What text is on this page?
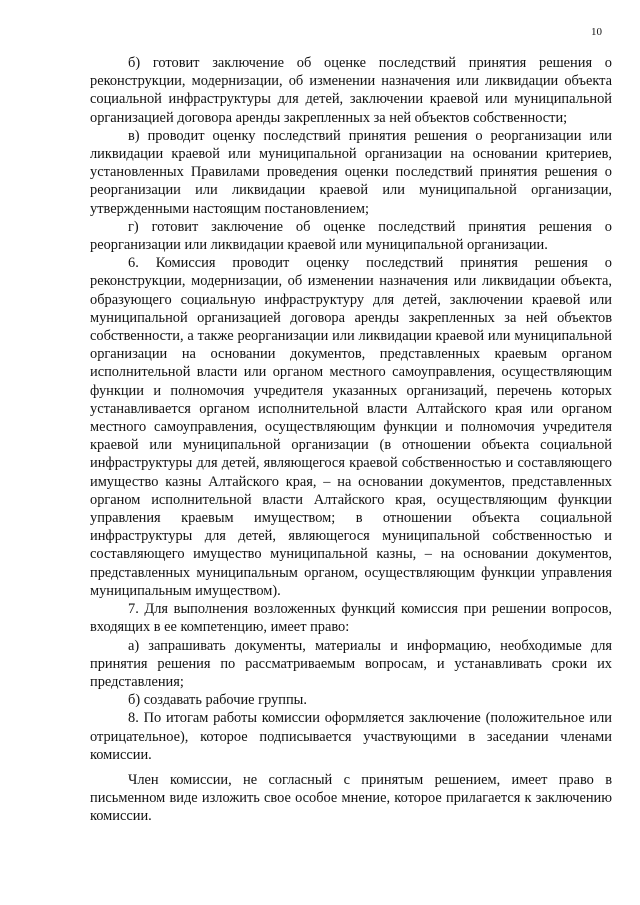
10

б) готовит заключение об оценке последствий принятия решения о реконструкции, модернизации, об изменении назначения или ликвидации объекта социальной инфраструктуры для детей, заключении краевой или муниципальной организацией договора аренды закрепленных за ней объектов собственности;

в) проводит оценку последствий принятия решения о реорганизации или ликвидации краевой или муниципальной организации на основании критериев, установленных Правилами проведения оценки последствий принятия решения о реорганизации или ликвидации краевой или муниципальной организации, утвержденными настоящим постановлением;

г) готовит заключение об оценке последствий принятия решения о реорганизации или ликвидации краевой или муниципальной организации.

6. Комиссия проводит оценку последствий принятия решения о реконструкции, модернизации, об изменении назначения или ликвидации объекта, образующего социальную инфраструктуру для детей, заключении краевой или муниципальной организацией договора аренды закрепленных за ней объектов собственности, а также реорганизации или ликвидации краевой или муниципальной организации на основании документов, представленных краевым органом исполнительной власти или органом местного самоуправления, осуществляющим функции и полномочия учредителя указанных организаций, перечень которых устанавливается органом исполнительной власти Алтайского края или органом местного самоуправления, осуществляющим функции и полномочия учредителя краевой или муниципальной организации (в отношении объекта социальной инфраструктуры для детей, являющегося краевой собственностью и составляющего имущество казны Алтайского края, – на основании документов, представленных органом исполнительной власти Алтайского края, осуществляющим функции управления краевым имуществом; в отношении объекта социальной инфраструктуры для детей, являющегося муниципальной собственностью и составляющего имущество муниципальной казны, – на основании документов, представленных муниципальным органом, осуществляющим функции управления муниципальным имуществом).

7. Для выполнения возложенных функций комиссия при решении вопросов, входящих в ее компетенцию, имеет право:

а) запрашивать документы, материалы и информацию, необходимые для принятия решения по рассматриваемым вопросам, и устанавливать сроки их представления;

б) создавать рабочие группы.

8. По итогам работы комиссии оформляется заключение (положительное или отрицательное), которое подписывается участвующими в заседании членами комиссии.

Член комиссии, не согласный с принятым решением, имеет право в письменном виде изложить свое особое мнение, которое прилагается к заключению комиссии.
